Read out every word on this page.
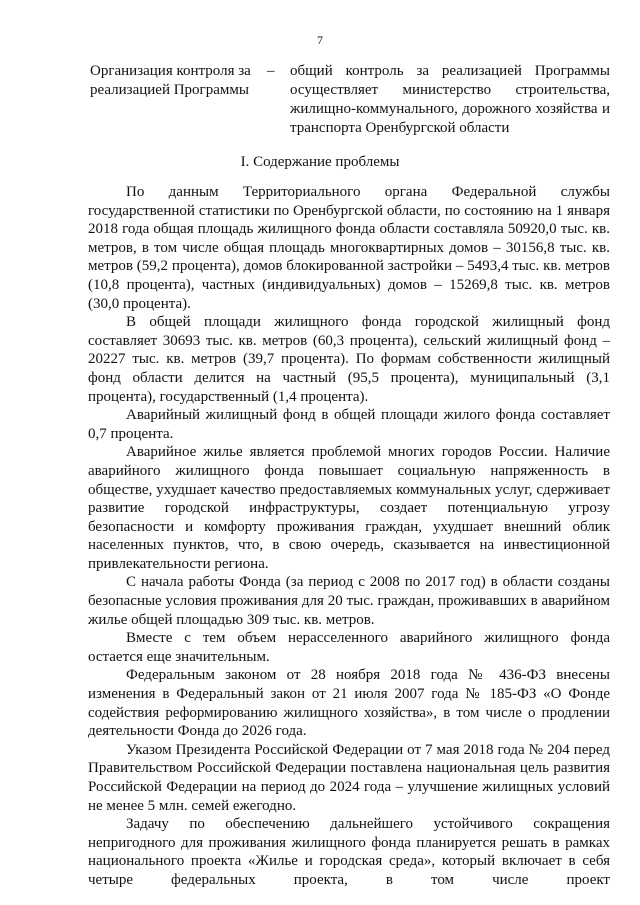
7
Организация контроля за реализацией Программы
– общий контроль за реализацией Программы осуществляет министерство строительства, жилищно-коммунального, дорожного хозяйства и транспорта Оренбургской области
I. Содержание проблемы

По данным Территориального органа Федеральной службы государственной статистики по Оренбургской области, по состоянию на 1 января 2018 года общая площадь жилищного фонда области составляла 50920,0 тыс. кв. метров, в том числе общая площадь многоквартирных домов – 30156,8 тыс. кв. метров (59,2 процента), домов блокированной застройки – 5493,4 тыс. кв. метров (10,8 процента), частных (индивидуальных) домов – 15269,8 тыс. кв. метров (30,0 процента).

В общей площади жилищного фонда городской жилищный фонд составляет 30693 тыс. кв. метров (60,3 процента), сельский жилищный фонд – 20227 тыс. кв. метров (39,7 процента). По формам собственности жилищный фонд области делится на частный (95,5 процента), муниципальный (3,1 процента), государственный (1,4 процента).

Аварийный жилищный фонд в общей площади жилого фонда составляет 0,7 процента.

Аварийное жилье является проблемой многих городов России. Наличие аварийного жилищного фонда повышает социальную напряженность в обществе, ухудшает качество предоставляемых коммунальных услуг, сдерживает развитие городской инфраструктуры, создает потенциальную угрозу безопасности и комфорту проживания граждан, ухудшает внешний облик населенных пунктов, что, в свою очередь, сказывается на инвестиционной привлекательности региона.

С начала работы Фонда (за период с 2008 по 2017 год) в области созданы безопасные условия проживания для 20 тыс. граждан, проживавших в аварийном жилье общей площадью 309 тыс. кв. метров.

Вместе с тем объем нерасселенного аварийного жилищного фонда остается еще значительным.

Федеральным законом от 28 ноября 2018 года № 436-ФЗ внесены изменения в Федеральный закон от 21 июля 2007 года № 185-ФЗ «О Фонде содействия реформированию жилищного хозяйства», в том числе о продлении деятельности Фонда до 2026 года.

Указом Президента Российской Федерации от 7 мая 2018 года № 204 перед Правительством Российской Федерации поставлена национальная цель развития Российской Федерации на период до 2024 года – улучшение жилищных условий не менее 5 млн. семей ежегодно.

Задачу по обеспечению дальнейшего устойчивого сокращения непригодного для проживания жилищного фонда планируется решать в рамках национального проекта «Жилье и городская среда», который включает в себя четыре федеральных проекта, в том числе проект
